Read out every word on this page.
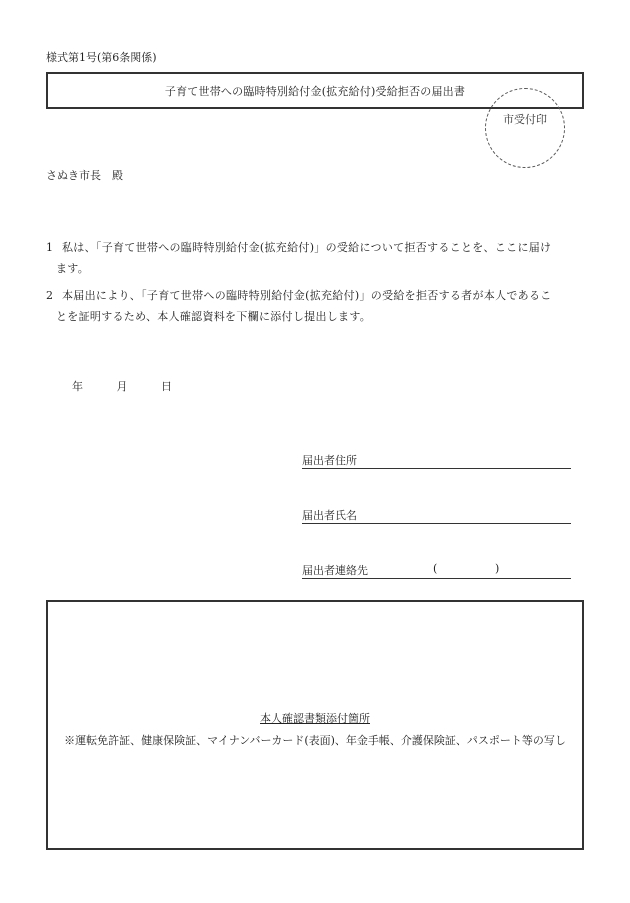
様式第1号(第6条関係)
子育て世帯への臨時特別給付金(拡充給付)受給拒否の届出書
市受付印
さぬき市長　殿
1 私は、「子育て世帯への臨時特別給付金(拡充給付)」の受給について拒否することを、ここに届け
ます。
2 本届出により、「子育て世帯への臨時特別給付金(拡充給付)」の受給を拒否する者が本人であるこ
とを証明するため、本人確認資料を下欄に添付し提出します。
年	月	日
届出者住所
届出者氏名
届出者連絡先	(	)
本人確認書類添付箇所
※運転免許証、健康保険証、マイナンバーカード(表面)、年金手帳、介護保険証、パスポート等の写し
